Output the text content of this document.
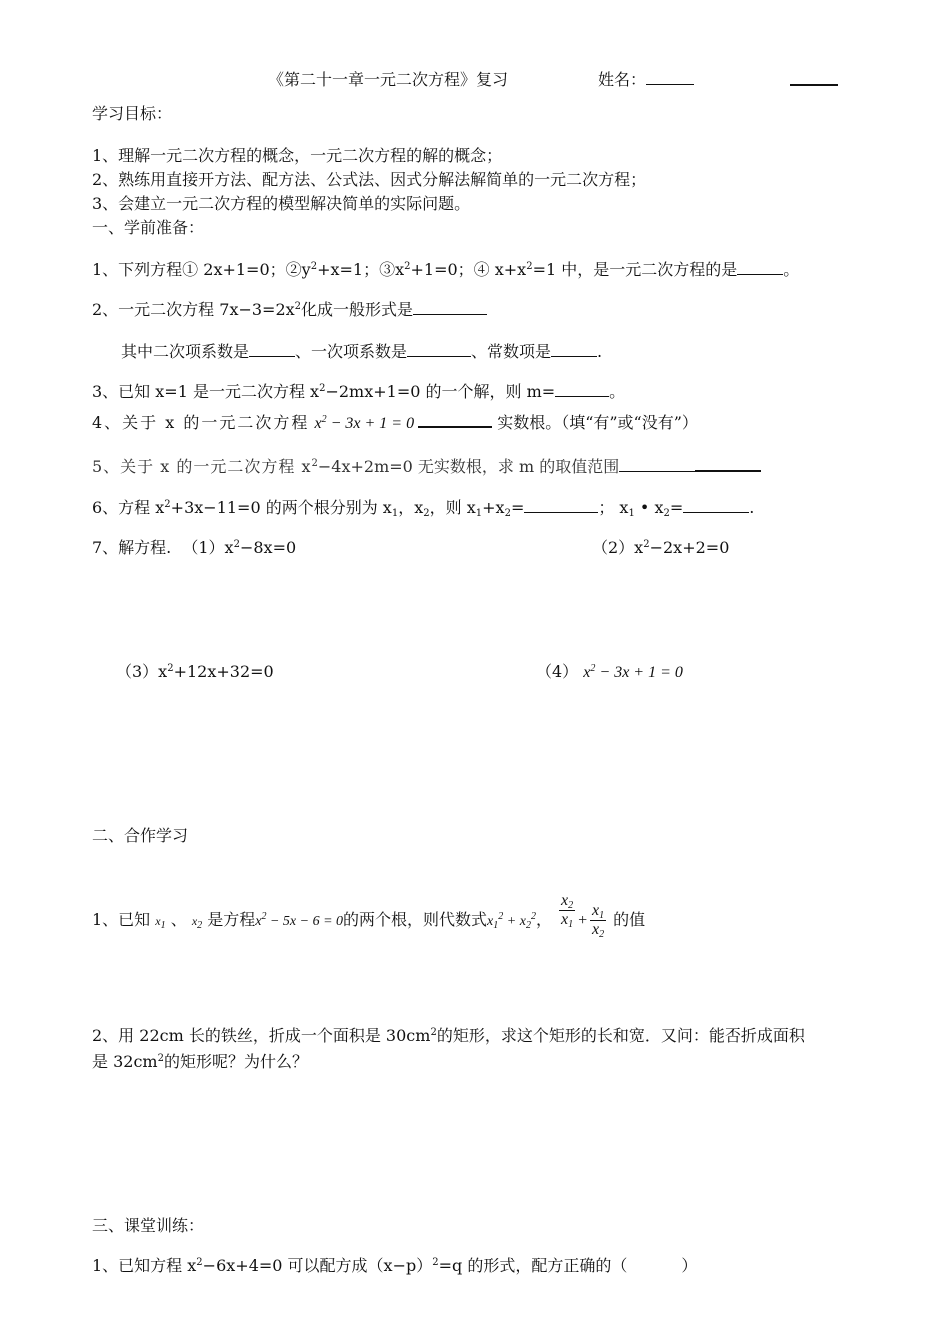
《第二十一章一元二次方程》复习	姓名：
学习目标：
1、理解一元二次方程的概念，一元二次方程的解的概念；
2、熟练用直接开方法、配方法、公式法、因式分解法解简单的一元二次方程；
3、会建立一元二次方程的模型解决简单的实际问题。
一、学前准备：
1、下列方程① 2x+1=0；$②y^2+x=1$；$③x^2+1=0$；④ $x+x^2=1$ 中，是一元二次方程的是	。
2、一元二次方程 $7x-3=2x^2$化成一般形式是
其中二次项系数是	、一次项系数是	、常数项是	.
3、已知 x=1 是一元二次方程 $x^2-2mx+1=0$ 的一个解，则 m=	。
4、关于 x 的一元二次方程 $x^2 - 3x + 1 = 0$	实数根。（填“有”或“没有”）
5、关于 x 的一元二次方程 $x^2-4x+2m=0$ 无实数根，求 m 的取值范围
6、方程 $x^2+3x-11=0$ 的两个根分别为 $x_1$，$x_2$，则 $x_1+x_2=$	； $x_1$ • $x_2=$	.
7、解方程. $(1)x^2-8x=0$	$(2)x^2-2x+2=0$
$(3)x^2+12x+32=0$	（4） $x^2 - 3x + 1 = 0$
二、合作学习
1、已知 $x_1$ 、 $x_2$ 是方程$x^2 - 5x - 6 = 0$的两个根，则代数式$x_1^2 + x_2^2$， $\frac{x_2}{x_1} + \frac{x_1}{x_2}$ 的值
2、用 22cm 长的铁丝，折成一个面积是 $30cm^2$的矩形，求这个矩形的长和宽．又问：能否折成面积
是 $32cm^2$的矩形呢？为什么？
三、课堂训练：
1、已知方程 $x^2-6x+4=0$ 可以配方成$(x-p)^2=q$ 的形式，配方正确的（	）
